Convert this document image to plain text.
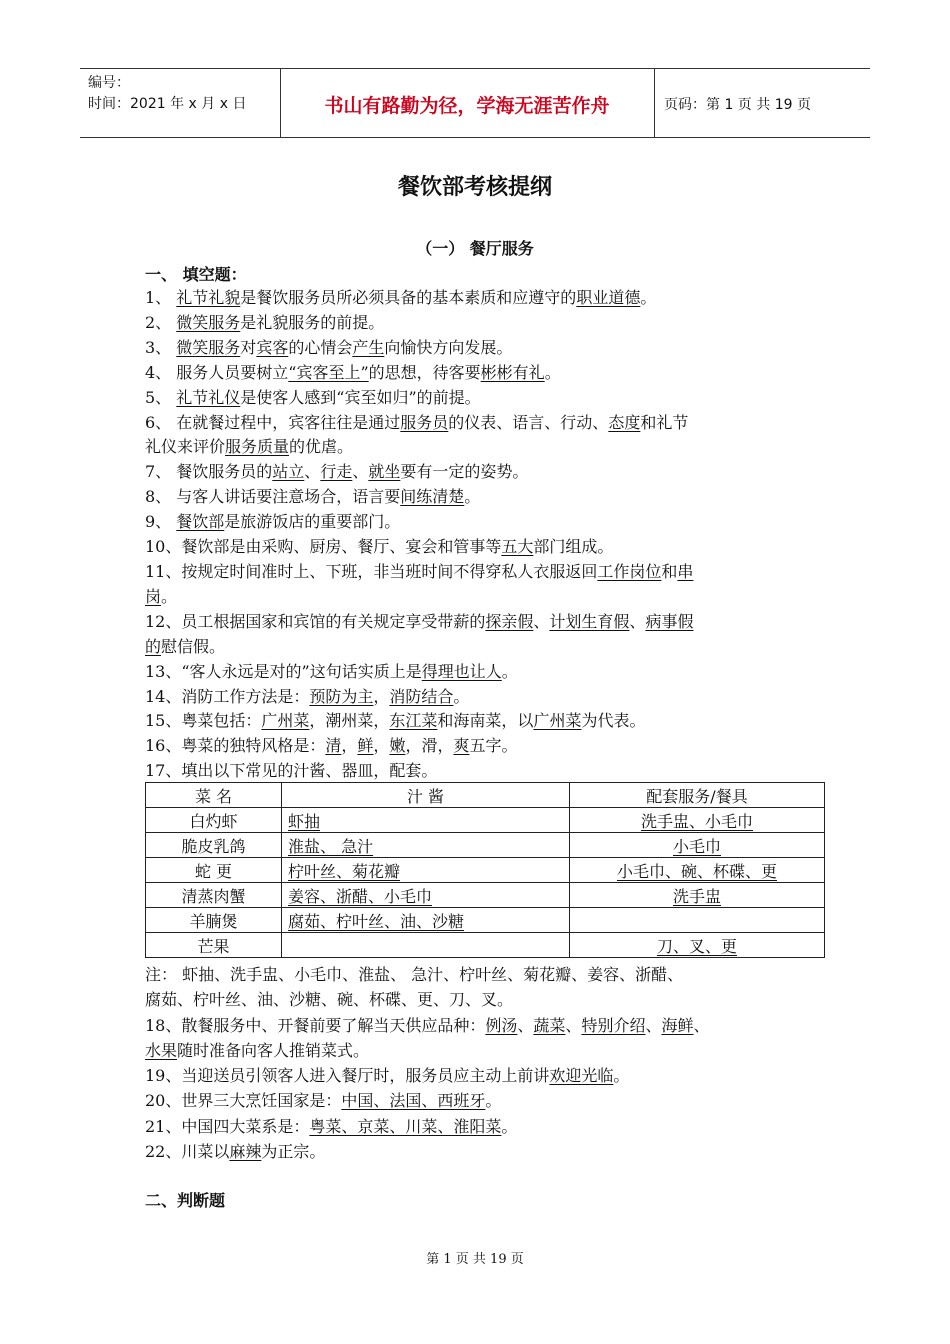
编号：
时间：2021 年 x 月 x 日	书山有路勤为径，学海无涯苦作舟	页码：第 1 页 共 19 页
餐饮部考核提纲
（一） 餐厅服务
一、 填空题：
1、 礼节礼貌是餐饮服务员所必须具备的基本素质和应遵守的职业道德。
2、 微笑服务是礼貌服务的前提。
3、 微笑服务对宾客的心情会产生向愉快方向发展。
4、 服务人员要树立“宾客至上”的思想，待客要彬彬有礼。
5、 礼节礼仪是使客人感到“宾至如归”的前提。
6、 在就餐过程中，宾客往往是通过服务员的仪表、语言、行动、态度和礼节
礼仪来评价服务质量的优虐。
7、 餐饮服务员的站立、行走、就坐要有一定的姿势。
8、 与客人讲话要注意场合，语言要间练清楚。
9、 餐饮部是旅游饭店的重要部门。
10、餐饮部是由采购、厨房、餐厅、宴会和管事等五大部门组成。
11、按规定时间准时上、下班，非当班时间不得穿私人衣服返回工作岗位和串
岗。
12、员工根据国家和宾馆的有关规定享受带薪的探亲假、计划生育假、病事假
的慰信假。
13、“客人永远是对的”这句话实质上是得理也让人。
14、消防工作方法是：预防为主，消防结合。
15、粤菜包括：广州菜，潮州菜，东江菜和海南菜，以广州菜为代表。
16、粤菜的独特风格是：清，鲜，嫩，滑，爽五字。
17、填出以下常见的汁酱、器皿，配套。
菜 名	汁 酱	配套服务/餐具
白灼虾	虾抽	洗手盅、小毛巾
脆皮乳鸽	淮盐、 急汁	小毛巾
蛇 更	柠叶丝、菊花瓣	小毛巾、碗、杯碟、更
清蒸肉蟹	姜容、浙醋、小毛巾	洗手盅
羊腩煲	腐茹、柠叶丝、油、沙糖	
芒果		刀、叉、更
注： 虾抽、洗手盅、小毛巾、淮盐、 急汁、柠叶丝、菊花瓣、姜容、浙醋、
腐茹、柠叶丝、油、沙糖、碗、杯碟、更、刀、叉。
18、散餐服务中、开餐前要了解当天供应品种：例汤、蔬菜、特别介绍、海鲜、
水果随时准备向客人推销菜式。
19、当迎送员引领客人进入餐厅时，服务员应主动上前讲欢迎光临。
20、世界三大烹饪国家是：中国、法国、西班牙。
21、中国四大菜系是：粤菜、京菜、川菜、淮阳菜。
22、川菜以麻辣为正宗。
二、判断题
第 1 页 共 19 页
